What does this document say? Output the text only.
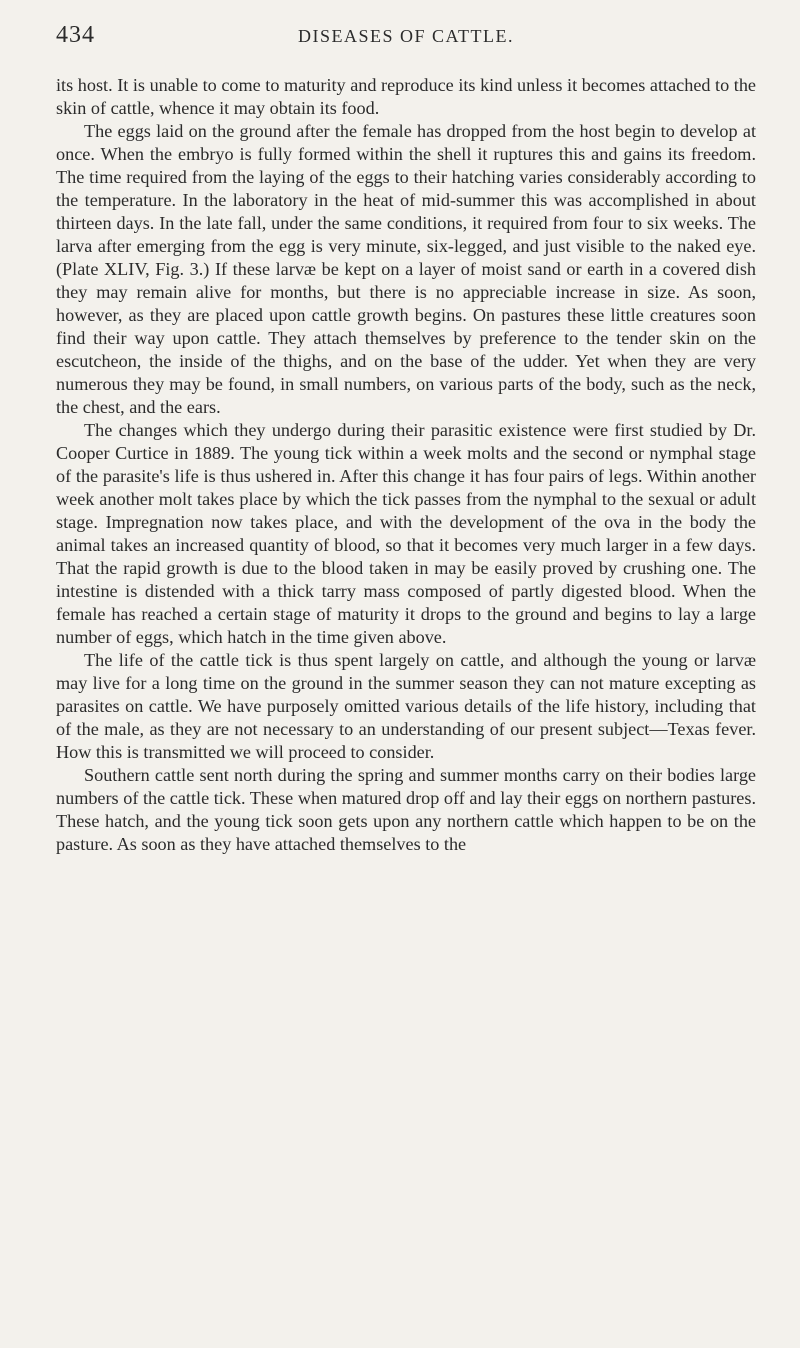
434	DISEASES OF CATTLE.

its host. It is unable to come to maturity and reproduce its kind unless it becomes attached to the skin of cattle, whence it may obtain its food.

The eggs laid on the ground after the female has dropped from the host begin to develop at once. When the embryo is fully formed within the shell it ruptures this and gains its freedom. The time required from the laying of the eggs to their hatching varies considerably according to the temperature. In the laboratory in the heat of mid-summer this was accomplished in about thirteen days. In the late fall, under the same conditions, it required from four to six weeks. The larva after emerging from the egg is very minute, six-legged, and just visible to the naked eye. (Plate XLIV, Fig. 3.) If these larvæ be kept on a layer of moist sand or earth in a covered dish they may remain alive for months, but there is no appreciable increase in size. As soon, however, as they are placed upon cattle growth begins. On pastures these little creatures soon find their way upon cattle. They attach themselves by preference to the tender skin on the escutcheon, the inside of the thighs, and on the base of the udder. Yet when they are very numerous they may be found, in small numbers, on various parts of the body, such as the neck, the chest, and the ears.

The changes which they undergo during their parasitic existence were first studied by Dr. Cooper Curtice in 1889. The young tick within a week molts and the second or nymphal stage of the parasite's life is thus ushered in. After this change it has four pairs of legs. Within another week another molt takes place by which the tick passes from the nymphal to the sexual or adult stage. Impregnation now takes place, and with the development of the ova in the body the animal takes an increased quantity of blood, so that it becomes very much larger in a few days. That the rapid growth is due to the blood taken in may be easily proved by crushing one. The intestine is distended with a thick tarry mass composed of partly digested blood. When the female has reached a certain stage of maturity it drops to the ground and begins to lay a large number of eggs, which hatch in the time given above.

The life of the cattle tick is thus spent largely on cattle, and although the young or larvæ may live for a long time on the ground in the summer season they can not mature excepting as parasites on cattle. We have purposely omitted various details of the life history, including that of the male, as they are not necessary to an understanding of our present subject—Texas fever. How this is transmitted we will proceed to consider.

Southern cattle sent north during the spring and summer months carry on their bodies large numbers of the cattle tick. These when matured drop off and lay their eggs on northern pastures. These hatch, and the young tick soon gets upon any northern cattle which happen to be on the pasture. As soon as they have attached themselves to the
